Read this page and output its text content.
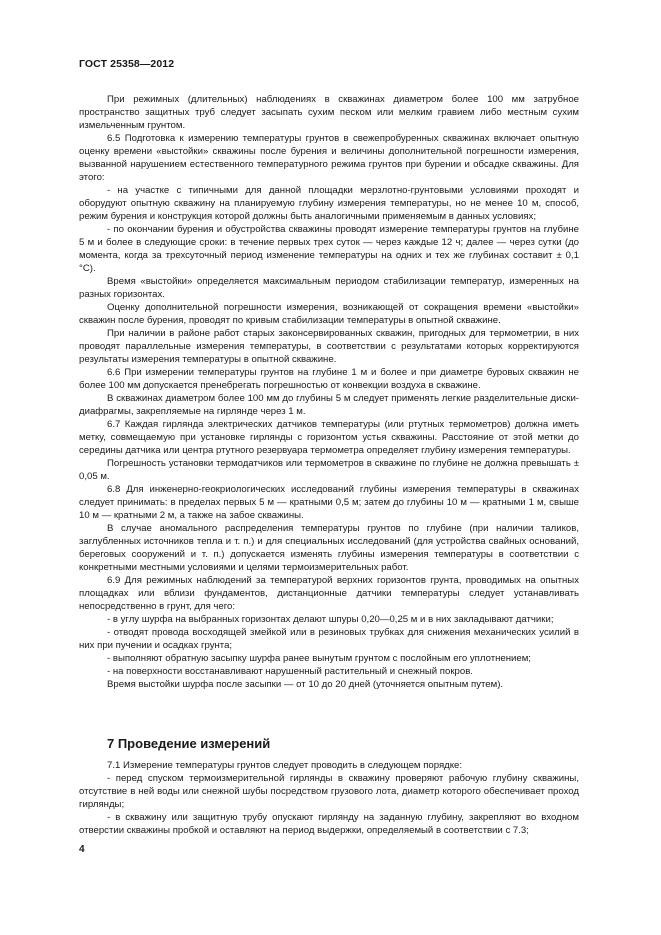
ГОСТ 25358—2012

При режимных (длительных) наблюдениях в скважинах диаметром более 100 мм затрубное пространство защитных труб следует засыпать сухим песком или мелким гравием либо местным сухим измельченным грунтом.

6.5 Подготовка к измерению температуры грунтов в свежепробуренных скважинах включает опытную оценку времени «выстойки» скважины после бурения и величины дополнительной погрешности измерения, вызванной нарушением естественного температурного режима грунтов при бурении и обсадке скважины. Для этого:

- на участке с типичными для данной площадки мерзлотно-грунтовыми условиями проходят и оборудуют опытную скважину на планируемую глубину измерения температуры, но не менее 10 м, способ, режим бурения и конструкция которой должны быть аналогичными применяемым в данных условиях;

- по окончании бурения и обустройства скважины проводят измерение температуры грунтов на глубине 5 м и более в следующие сроки: в течение первых трех суток — через каждые 12 ч; далее — через сутки (до момента, когда за трехсуточный период изменение температуры на одних и тех же глубинах составит ± 0,1 °С).

Время «выстойки» определяется максимальным периодом стабилизации температур, измеренных на разных горизонтах.

Оценку дополнительной погрешности измерения, возникающей от сокращения времени «выстойки» скважин после бурения, проводят по кривым стабилизации температуры в опытной скважине.

При наличии в районе работ старых законсервированных скважин, пригодных для термометрии, в них проводят параллельные измерения температуры, в соответствии с результатами которых корректируются результаты измерения температуры в опытной скважине.

6.6 При измерении температуры грунтов на глубине 1 м и более и при диаметре буровых скважин не более 100 мм допускается пренебрегать погрешностью от конвекции воздуха в скважине.

В скважинах диаметром более 100 мм до глубины 5 м следует применять легкие разделительные диски-диафрагмы, закрепляемые на гирлянде через 1 м.

6.7 Каждая гирлянда электрических датчиков температуры (или ртутных термометров) должна иметь метку, совмещаемую при установке гирлянды с горизонтом устья скважины. Расстояние от этой метки до середины датчика или центра ртутного резервуара термометра определяет глубину измерения температуры.

Погрешность установки термодатчиков или термометров в скважине по глубине не должна превышать ± 0,05 м.

6.8 Для инженерно-геокриологических исследований глубины измерения температуры в скважинах следует принимать: в пределах первых 5 м — кратными 0,5 м; затем до глубины 10 м — кратными 1 м, свыше 10 м — кратными 2 м, а также на забое скважины.

В случае аномального распределения температуры грунтов по глубине (при наличии таликов, заглубленных источников тепла и т. п.) и для специальных исследований (для устройства свайных оснований, береговых сооружений и т. п.) допускается изменять глубины измерения температуры в соответствии с конкретными местными условиями и целями термоизмерительных работ.

6.9 Для режимных наблюдений за температурой верхних горизонтов грунта, проводимых на опытных площадках или вблизи фундаментов, дистанционные датчики температуры следует устанавливать непосредственно в грунт, для чего:

- в углу шурфа на выбранных горизонтах делают шпуры 0,20—0,25 м и в них закладывают датчики;

- отводят провода восходящей змейкой или в резиновых трубках для снижения механических усилий в них при пучении и осадках грунта;

- выполняют обратную засыпку шурфа ранее вынутым грунтом с послойным его уплотнением;

- на поверхности восстанавливают нарушенный растительный и снежный покров.

Время выстойки шурфа после засыпки — от 10 до 20 дней (уточняется опытным путем).

7 Проведение измерений

7.1 Измерение температуры грунтов следует проводить в следующем порядке:

- перед спуском термоизмерительной гирлянды в скважину проверяют рабочую глубину скважины, отсутствие в ней воды или снежной шубы посредством грузового лота, диаметр которого обеспечивает проход гирлянды;

- в скважину или защитную трубу опускают гирлянду на заданную глубину, закрепляют во входном отверстии скважины пробкой и оставляют на период выдержки, определяемый в соответствии с 7.3;

4
